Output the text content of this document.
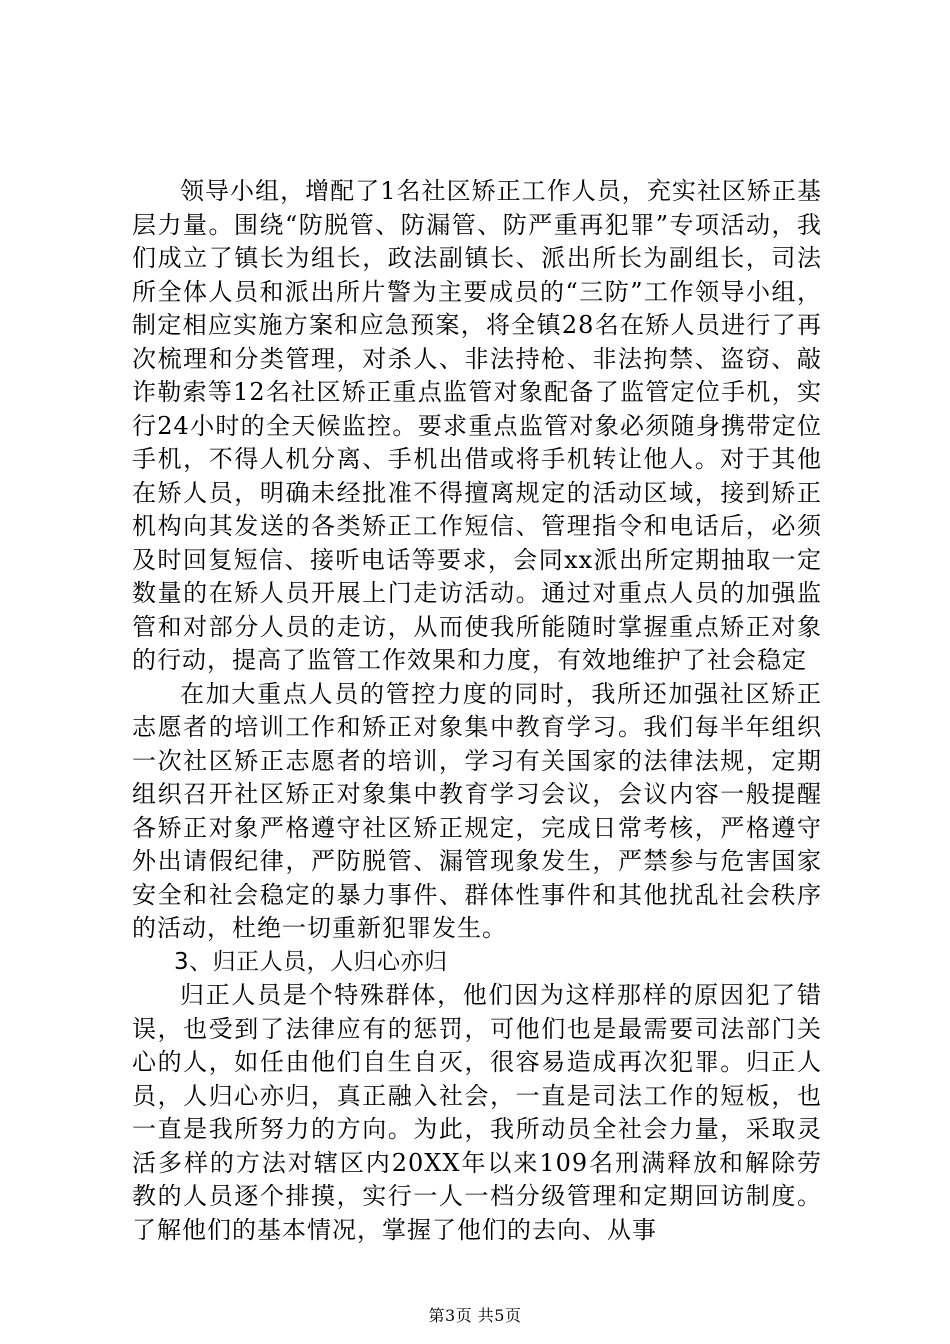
领导小组，增配了1名社区矫正工作人员，充实社区矫正基层力量。围绕“防脱管、防漏管、防严重再犯罪”专项活动，我们成立了镇长为组长，政法副镇长、派出所长为副组长，司法所全体人员和派出所片警为主要成员的“三防”工作领导小组，制定相应实施方案和应急预案，将全镇28名在矫人员进行了再次梳理和分类管理，对杀人、非法持枪、非法拘禁、盗窃、敲诈勒索等12名社区矫正重点监管对象配备了监管定位手机，实行24小时的全天候监控。要求重点监管对象必须随身携带定位手机，不得人机分离、手机出借或将手机转让他人。对于其他在矫人员，明确未经批准不得擅离规定的活动区域，接到矫正机构向其发送的各类矫正工作短信、管理指令和电话后，必须及时回复短信、接听电话等要求，会同xx派出所定期抽取一定数量的在矫人员开展上门走访活动。通过对重点人员的加强监管和对部分人员的走访，从而使我所能随时掌握重点矫正对象的行动，提高了监管工作效果和力度，有效地维护了社会稳定

在加大重点人员的管控力度的同时，我所还加强社区矫正志愿者的培训工作和矫正对象集中教育学习。我们每半年组织一次社区矫正志愿者的培训，学习有关国家的法律法规，定期组织召开社区矫正对象集中教育学习会议，会议内容一般提醒各矫正对象严格遵守社区矫正规定，完成日常考核，严格遵守外出请假纪律，严防脱管、漏管现象发生，严禁参与危害国家安全和社会稳定的暴力事件、群体性事件和其他扰乱社会秩序的活动，杜绝一切重新犯罪发生。

3、归正人员，人归心亦归

归正人员是个特殊群体，他们因为这样那样的原因犯了错误，也受到了法律应有的惩罚，可他们也是最需要司法部门关心的人，如任由他们自生自灭，很容易造成再次犯罪。归正人员，人归心亦归，真正融入社会，一直是司法工作的短板，也一直是我所努力的方向。为此，我所动员全社会力量，采取灵活多样的方法对辖区内20XX年以来109名刑满释放和解除劳教的人员逐个排摸，实行一人一档分级管理和定期回访制度。了解他们的基本情况，掌握了他们的去向、从事

第3页 共5页
